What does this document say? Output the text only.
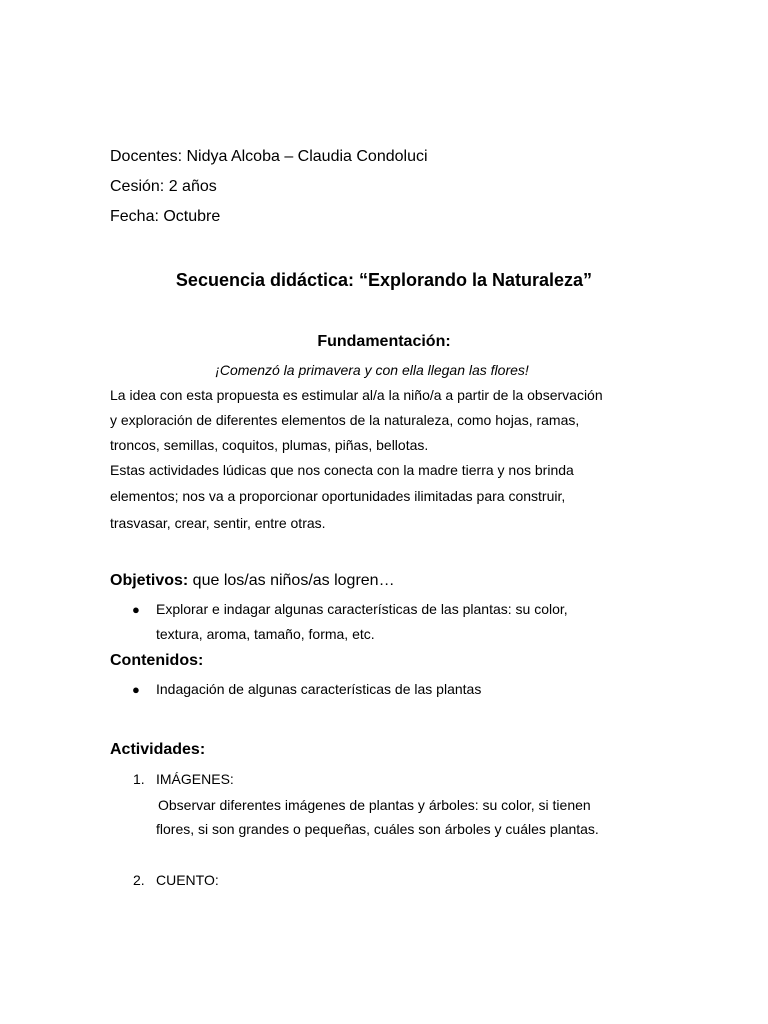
Docentes: Nidya Alcoba – Claudia Condoluci
Cesión: 2 años
Fecha: Octubre
Secuencia didáctica: “Explorando la Naturaleza”
Fundamentación:
¡Comenzó la primavera y con ella llegan las flores!
La idea con esta propuesta es estimular al/a la niño/a a partir de la observación
y exploración de diferentes elementos de la naturaleza, como hojas, ramas,
troncos, semillas, coquitos, plumas, piñas, bellotas.
Estas actividades lúdicas que nos conecta con la madre tierra y nos brinda
elementos; nos va a proporcionar oportunidades ilimitadas para construir,
trasvasar, crear, sentir, entre otras.
Objetivos: que los/as niños/as logren…
● Explorar e indagar algunas características de las plantas: su color,
textura, aroma, tamaño, forma, etc.
Contenidos:
● Indagación de algunas características de las plantas
Actividades:
1. IMÁGENES:
Observar diferentes imágenes de plantas y árboles: su color, si tienen
flores, si son grandes o pequeñas, cuáles son árboles y cuáles plantas.
2. CUENTO:
